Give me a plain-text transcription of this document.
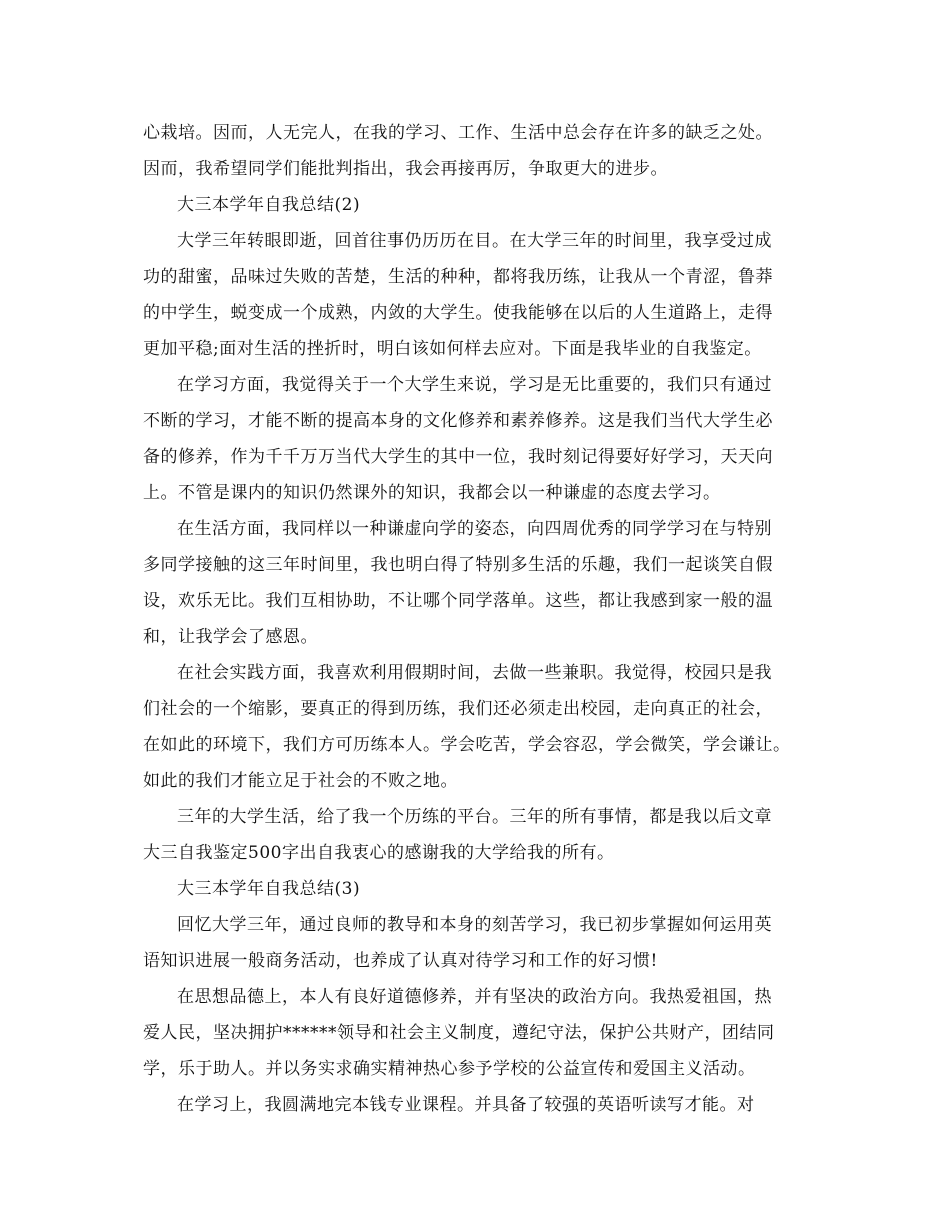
心栽培。因而，人无完人，在我的学习、工作、生活中总会存在许多的缺乏之处。
因而，我希望同学们能批判指出，我会再接再厉，争取更大的进步。
大三本学年自我总结(2)
大学三年转眼即逝，回首往事仍历历在目。在大学三年的时间里，我享受过成
功的甜蜜，品味过失败的苦楚，生活的种种，都将我历练，让我从一个青涩，鲁莽
的中学生，蜕变成一个成熟，内敛的大学生。使我能够在以后的人生道路上，走得
更加平稳;面对生活的挫折时，明白该如何样去应对。下面是我毕业的自我鉴定。
在学习方面，我觉得关于一个大学生来说，学习是无比重要的，我们只有通过
不断的学习，才能不断的提高本身的文化修养和素养修养。这是我们当代大学生必
备的修养，作为千千万万当代大学生的其中一位，我时刻记得要好好学习，天天向
上。不管是课内的知识仍然课外的知识，我都会以一种谦虚的态度去学习。
在生活方面，我同样以一种谦虚向学的姿态，向四周优秀的同学学习在与特别
多同学接触的这三年时间里，我也明白得了特别多生活的乐趣，我们一起谈笑自假
设，欢乐无比。我们互相协助，不让哪个同学落单。这些，都让我感到家一般的温
和，让我学会了感恩。
在社会实践方面，我喜欢利用假期时间，去做一些兼职。我觉得，校园只是我
们社会的一个缩影，要真正的得到历练，我们还必须走出校园，走向真正的社会，
在如此的环境下，我们方可历练本人。学会吃苦，学会容忍，学会微笑，学会谦让。
如此的我们才能立足于社会的不败之地。
三年的大学生活，给了我一个历练的平台。三年的所有事情，都是我以后文章
大三自我鉴定500字出自我衷心的感谢我的大学给我的所有。
大三本学年自我总结(3)
回忆大学三年，通过良师的教导和本身的刻苦学习，我已初步掌握如何运用英
语知识进展一般商务活动，也养成了认真对待学习和工作的好习惯!
在思想品德上，本人有良好道德修养，并有坚决的政治方向。我热爱祖国，热
爱人民，坚决拥护******领导和社会主义制度，遵纪守法，保护公共财产，团结同
学，乐于助人。并以务实求确实精神热心参予学校的公益宣传和爱国主义活动。
在学习上，我圆满地完本钱专业课程。并具备了较强的英语听读写才能。对
